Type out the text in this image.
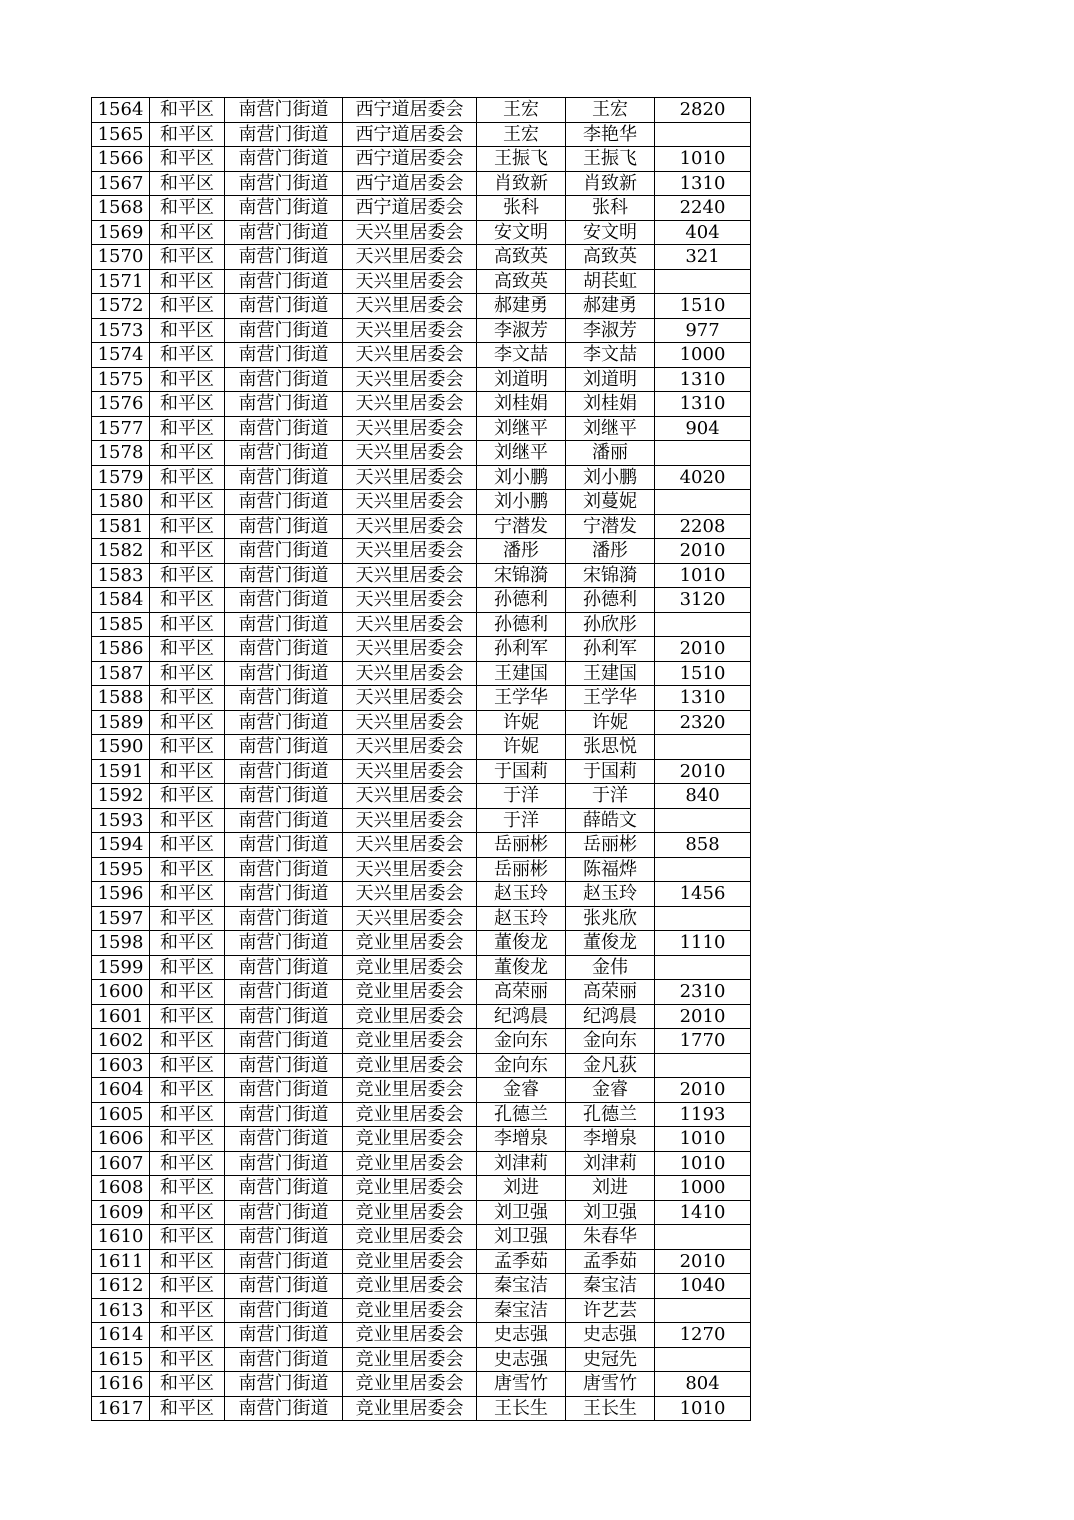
1564	和平区	南营门街道	西宁道居委会	王宏	王宏	2820
1565	和平区	南营门街道	西宁道居委会	王宏	李艳华	
1566	和平区	南营门街道	西宁道居委会	王振飞	王振飞	1010
1567	和平区	南营门街道	西宁道居委会	肖致新	肖致新	1310
1568	和平区	南营门街道	西宁道居委会	张科	张科	2240
1569	和平区	南营门街道	天兴里居委会	安文明	安文明	404
1570	和平区	南营门街道	天兴里居委会	高致英	高致英	321
1571	和平区	南营门街道	天兴里居委会	高致英	胡苌虹	
1572	和平区	南营门街道	天兴里居委会	郝建勇	郝建勇	1510
1573	和平区	南营门街道	天兴里居委会	李淑芳	李淑芳	977
1574	和平区	南营门街道	天兴里居委会	李文喆	李文喆	1000
1575	和平区	南营门街道	天兴里居委会	刘道明	刘道明	1310
1576	和平区	南营门街道	天兴里居委会	刘桂娟	刘桂娟	1310
1577	和平区	南营门街道	天兴里居委会	刘继平	刘继平	904
1578	和平区	南营门街道	天兴里居委会	刘继平	潘丽	
1579	和平区	南营门街道	天兴里居委会	刘小鹏	刘小鹏	4020
1580	和平区	南营门街道	天兴里居委会	刘小鹏	刘蔓妮	
1581	和平区	南营门街道	天兴里居委会	宁潜发	宁潜发	2208
1582	和平区	南营门街道	天兴里居委会	潘彤	潘彤	2010
1583	和平区	南营门街道	天兴里居委会	宋锦漪	宋锦漪	1010
1584	和平区	南营门街道	天兴里居委会	孙德利	孙德利	3120
1585	和平区	南营门街道	天兴里居委会	孙德利	孙欣彤	
1586	和平区	南营门街道	天兴里居委会	孙利军	孙利军	2010
1587	和平区	南营门街道	天兴里居委会	王建国	王建国	1510
1588	和平区	南营门街道	天兴里居委会	王学华	王学华	1310
1589	和平区	南营门街道	天兴里居委会	许妮	许妮	2320
1590	和平区	南营门街道	天兴里居委会	许妮	张思悦	
1591	和平区	南营门街道	天兴里居委会	于国莉	于国莉	2010
1592	和平区	南营门街道	天兴里居委会	于洋	于洋	840
1593	和平区	南营门街道	天兴里居委会	于洋	薛皓文	
1594	和平区	南营门街道	天兴里居委会	岳丽彬	岳丽彬	858
1595	和平区	南营门街道	天兴里居委会	岳丽彬	陈福烨	
1596	和平区	南营门街道	天兴里居委会	赵玉玲	赵玉玲	1456
1597	和平区	南营门街道	天兴里居委会	赵玉玲	张兆欣	
1598	和平区	南营门街道	竞业里居委会	董俊龙	董俊龙	1110
1599	和平区	南营门街道	竞业里居委会	董俊龙	金伟	
1600	和平区	南营门街道	竞业里居委会	高荣丽	高荣丽	2310
1601	和平区	南营门街道	竞业里居委会	纪鸿晨	纪鸿晨	2010
1602	和平区	南营门街道	竞业里居委会	金向东	金向东	1770
1603	和平区	南营门街道	竞业里居委会	金向东	金凡荻	
1604	和平区	南营门街道	竞业里居委会	金睿	金睿	2010
1605	和平区	南营门街道	竞业里居委会	孔德兰	孔德兰	1193
1606	和平区	南营门街道	竞业里居委会	李增泉	李增泉	1010
1607	和平区	南营门街道	竞业里居委会	刘津莉	刘津莉	1010
1608	和平区	南营门街道	竞业里居委会	刘进	刘进	1000
1609	和平区	南营门街道	竞业里居委会	刘卫强	刘卫强	1410
1610	和平区	南营门街道	竞业里居委会	刘卫强	朱春华	
1611	和平区	南营门街道	竞业里居委会	孟季茹	孟季茹	2010
1612	和平区	南营门街道	竞业里居委会	秦宝洁	秦宝洁	1040
1613	和平区	南营门街道	竞业里居委会	秦宝洁	许艺芸	
1614	和平区	南营门街道	竞业里居委会	史志强	史志强	1270
1615	和平区	南营门街道	竞业里居委会	史志强	史冠先	
1616	和平区	南营门街道	竞业里居委会	唐雪竹	唐雪竹	804
1617	和平区	南营门街道	竞业里居委会	王长生	王长生	1010
